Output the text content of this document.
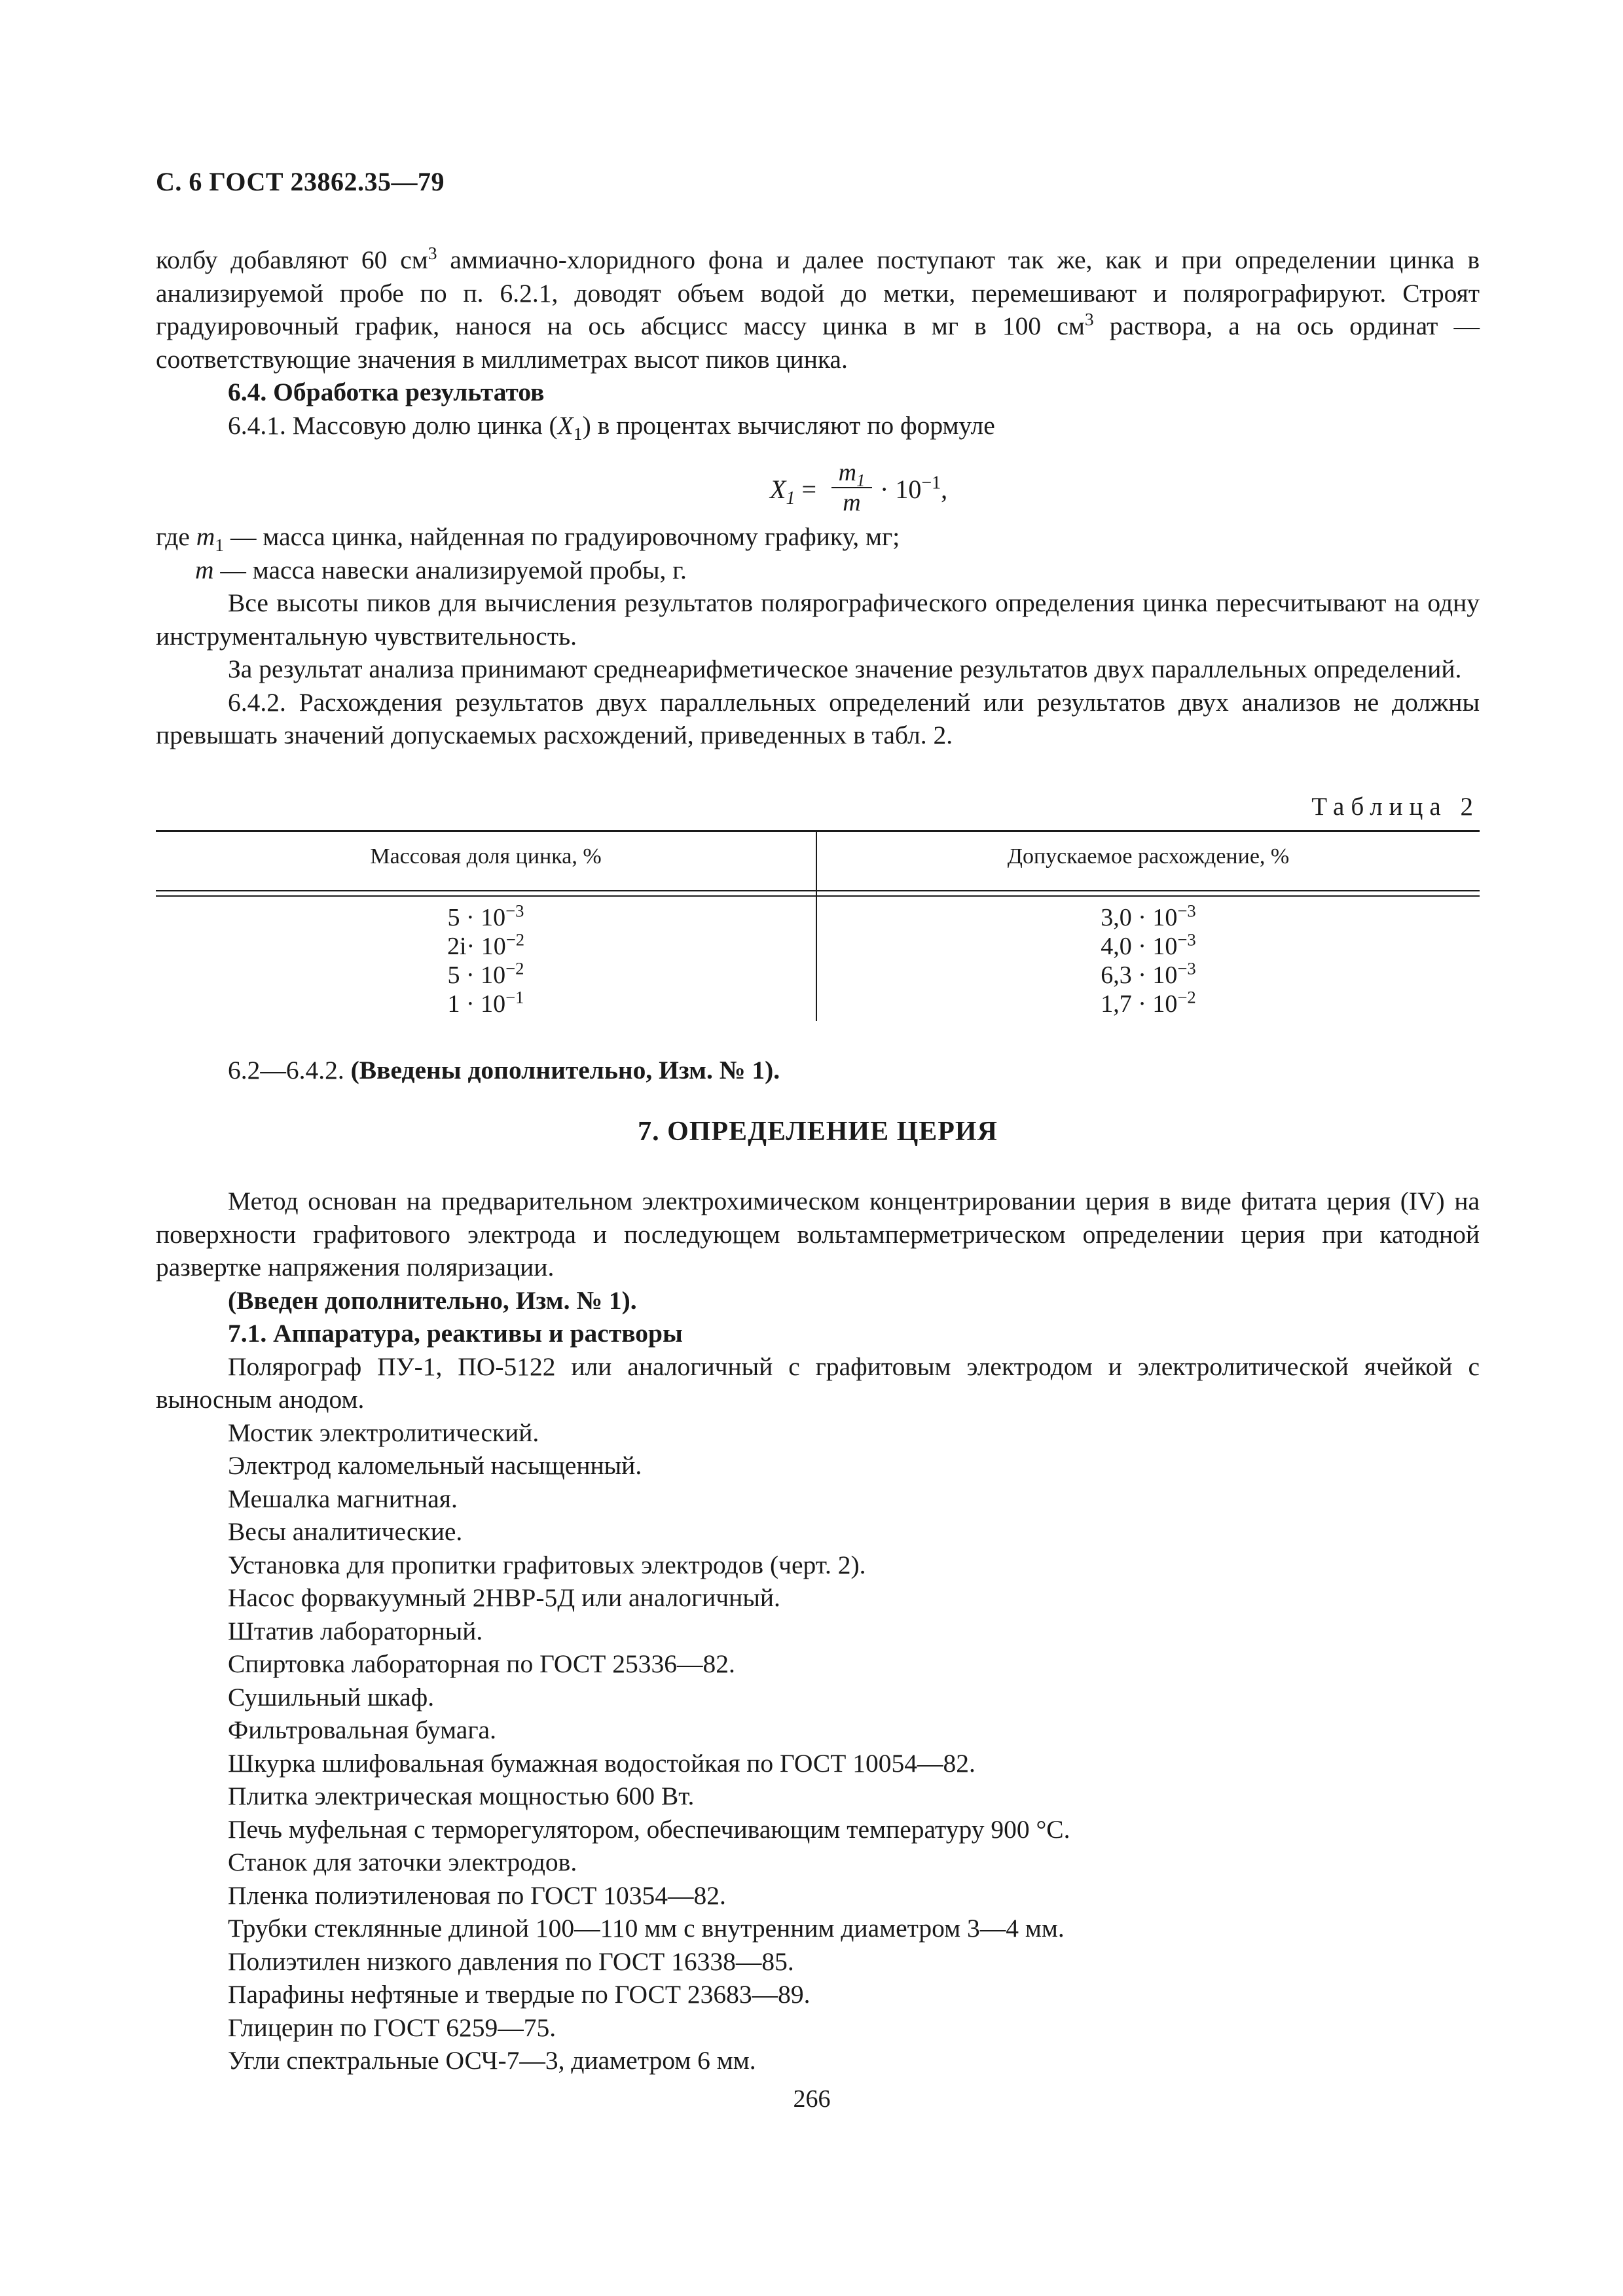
С. 6 ГОСТ 23862.35—79

колбу добавляют 60 $см^3$ аммиачно-хлоридного фона и далее поступают так же, как и при определении цинка в анализируемой пробе по п. 6.2.1, доводят объем водой до метки, перемешивают и полярографируют. Строят градуировочный график, нанося на ось абсцисс массу цинка в мг в 100 $см^3$ раствора, а на ось ординат — соответствующие значения в миллиметрах высот пиков цинка.

6.4. Обработка результатов

6.4.1. Массовую долю цинка $(X_1)$ в процентах вычисляют по формуле

$X_1$ =
$m_1$
$m \cdot 10^{-1}$,

где $m_1$ — масса цинка, найденная по градуировочному графику, мг;

m — масса навески анализируемой пробы, г.

Все высоты пиков для вычисления результатов полярографического определения цинка пересчитывают на одну инструментальную чувствительность.

За результат анализа принимают среднеарифметическое значение результатов двух параллельных определений.

6.4.2. Расхождения результатов двух параллельных определений или результатов двух анализов не должны превышать значений допускаемых расхождений, приведенных в табл. 2.

Таблица 2
Массовая доля цинка, %	Допускаемое расхождение, %
$5 \cdot 10^{-3}$
$2i\cdot 10^{-2}$
$5 \cdot 10^{-2}$
$1 \cdot 10^{-1}$
$3,0 \cdot 10^{-3}$
$4,0 \cdot 10^{-3}$
$6,3 \cdot 10^{-3}$
$1,7 \cdot 10^{-2}$

6.2—6.4.2. (Введены дополнительно, Изм. № 1).

7. ОПРЕДЕЛЕНИЕ ЦЕРИЯ

Метод основан на предварительном электрохимическом концентрировании церия в виде фитата церия (IV) на поверхности графитового электрода и последующем вольтамперметрическом определении церия при катодной развертке напряжения поляризации.

(Введен дополнительно, Изм. № 1).

7.1. Аппаратура, реактивы и растворы

Полярограф ПУ-1, ПО-5122 или аналогичный с графитовым электродом и электролитической ячейкой с выносным анодом.

Мостик электролитический.

Электрод каломельный насыщенный.

Мешалка магнитная.

Весы аналитические.

Установка для пропитки графитовых электродов (черт. 2).

Насос форвакуумный 2НВР-5Д или аналогичный.

Штатив лабораторный.

Спиртовка лабораторная по ГОСТ 25336—82.

Сушильный шкаф.

Фильтровальная бумага.

Шкурка шлифовальная бумажная водостойкая по ГОСТ 10054—82.

Плитка электрическая мощностью 600 Вт.

Печь муфельная с терморегулятором, обеспечивающим температуру 900 °С.

Станок для заточки электродов.

Пленка полиэтиленовая по ГОСТ 10354—82.

Трубки стеклянные длиной 100—110 мм с внутренним диаметром 3—4 мм.

Полиэтилен низкого давления по ГОСТ 16338—85.

Парафины нефтяные и твердые по ГОСТ 23683—89.

Глицерин по ГОСТ 6259—75.

Угли спектральные ОСЧ-7—3, диаметром 6 мм.

266
